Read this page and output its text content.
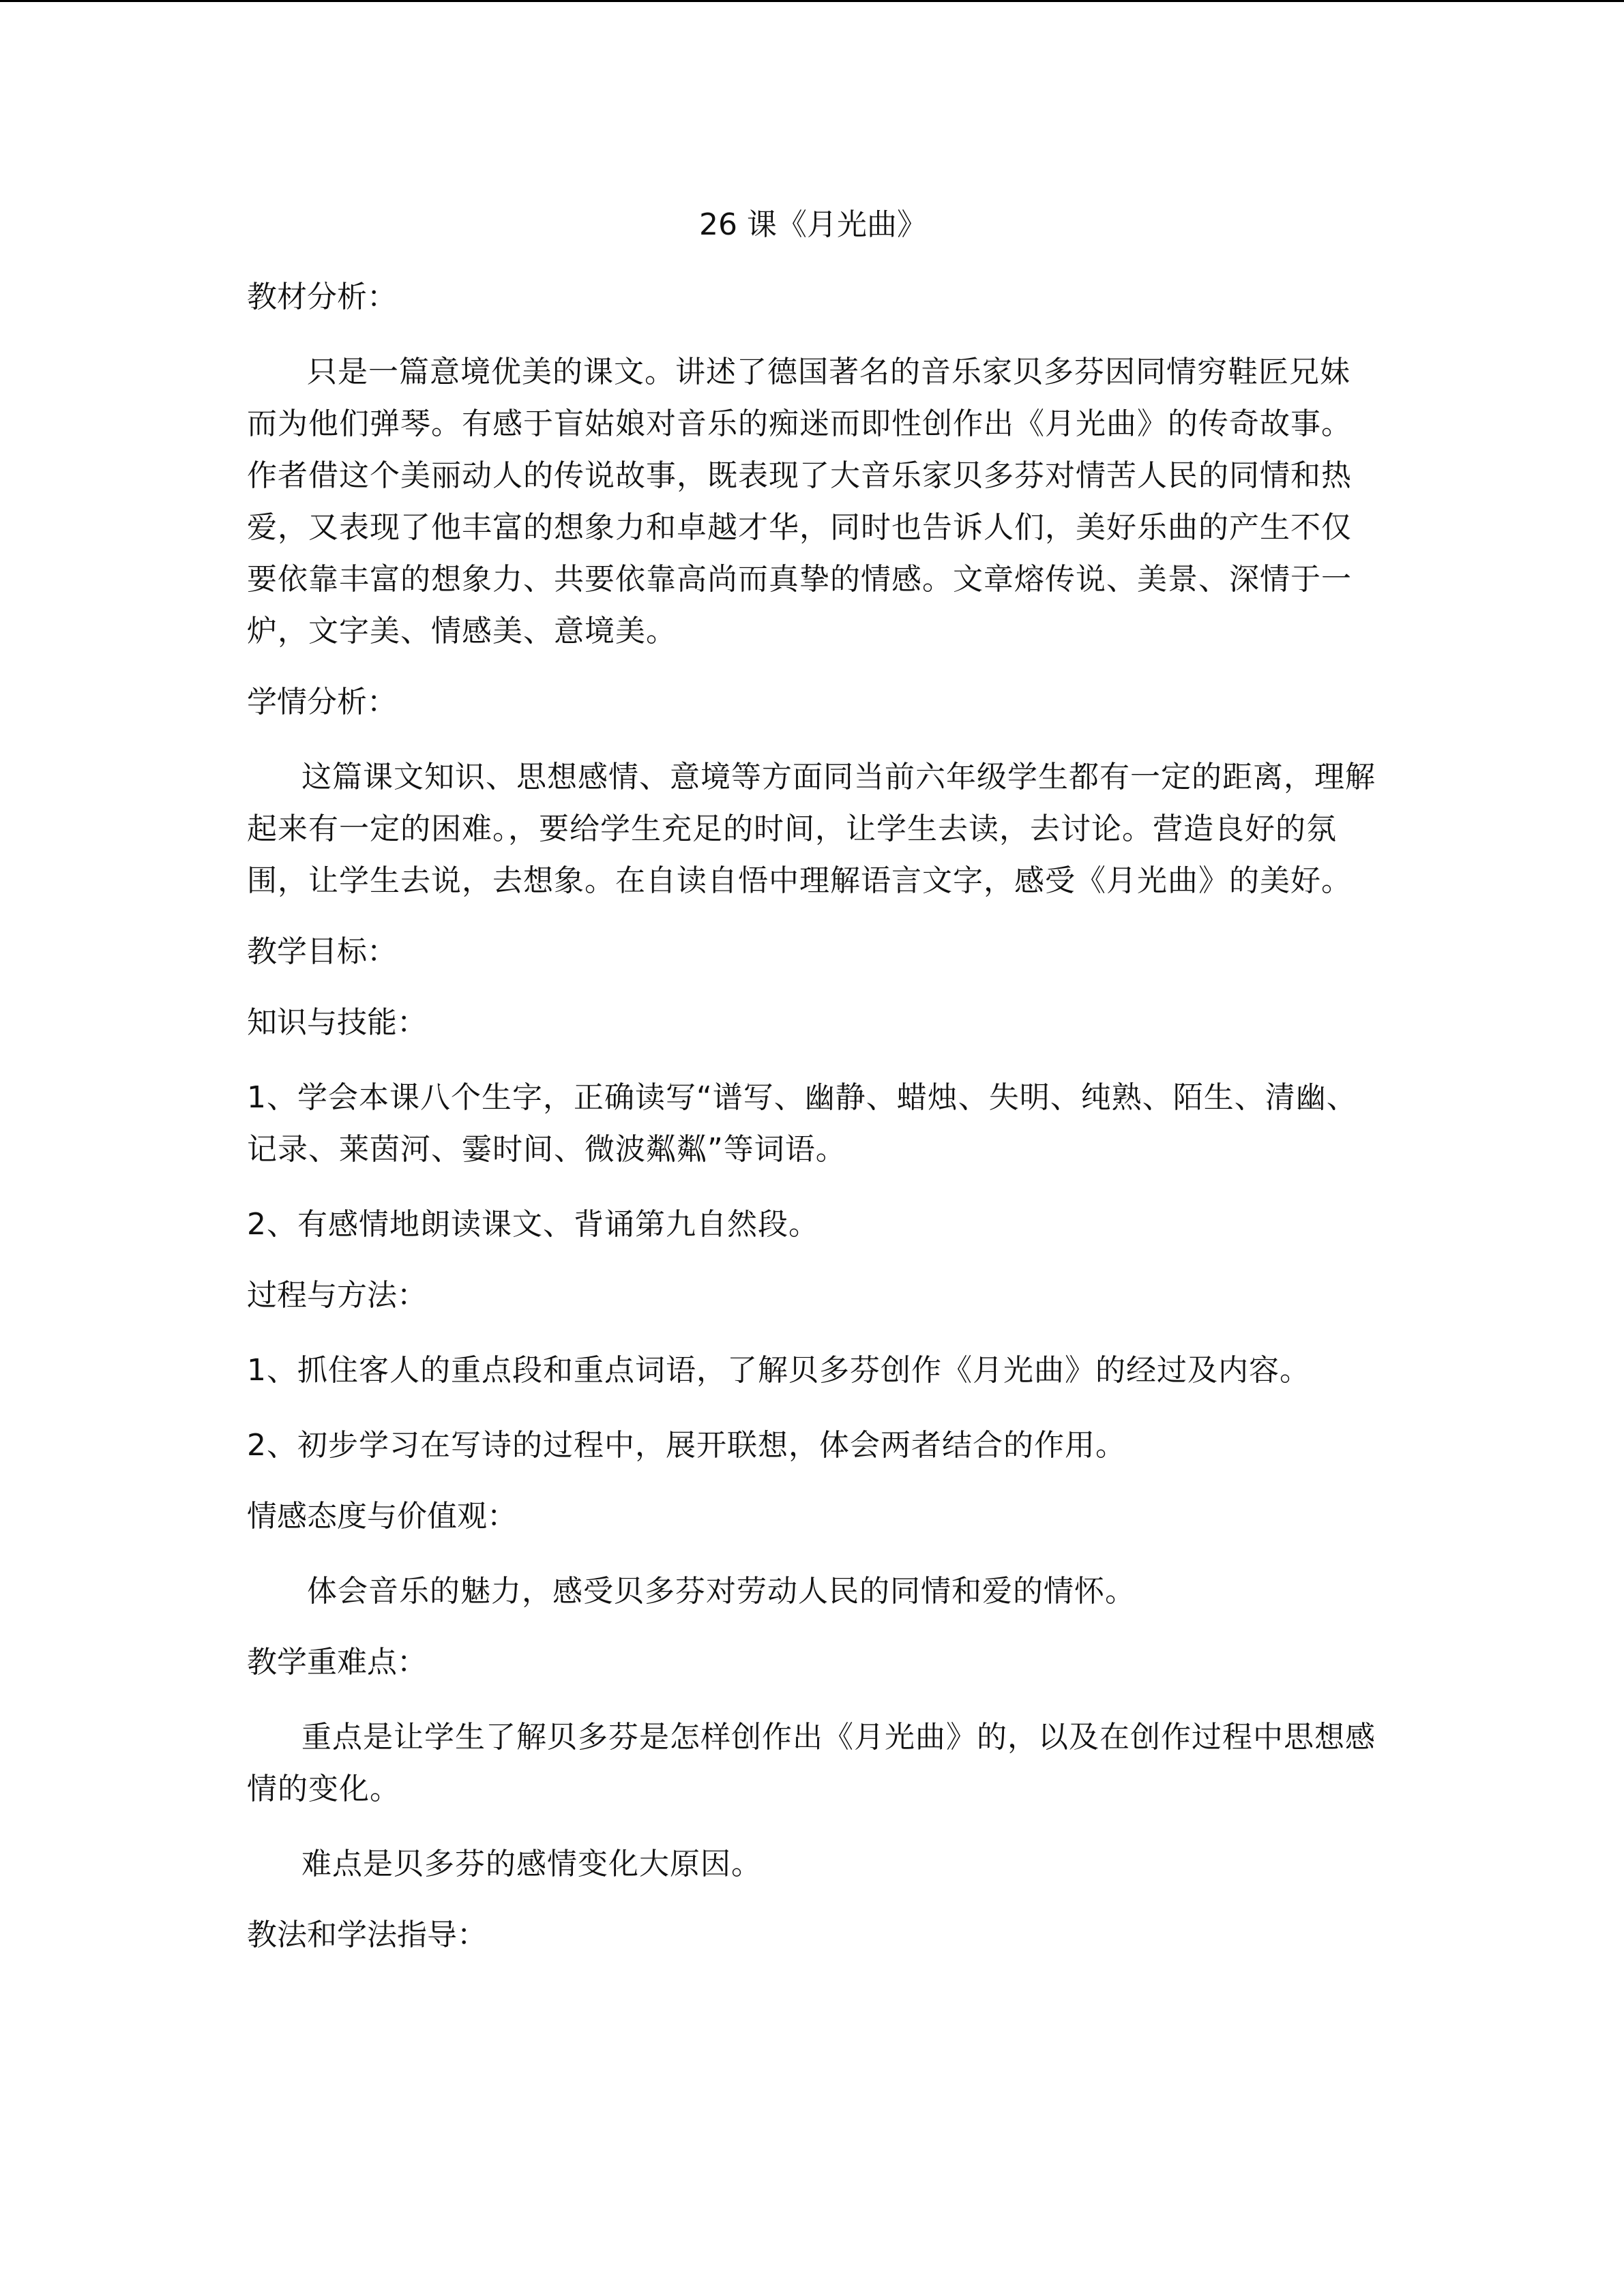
26 课《月光曲》
教材分析：

只是一篇意境优美的课文。讲述了德国著名的音乐家贝多芬因同情穷鞋匠兄妹而为他们弹琴。有感于盲姑娘对音乐的痴迷而即性创作出《月光曲》的传奇故事。作者借这个美丽动人的传说故事，既表现了大音乐家贝多芬对情苦人民的同情和热爱，又表现了他丰富的想象力和卓越才华，同时也告诉人们，美好乐曲的产生不仅要依靠丰富的想象力、共要依靠高尚而真挚的情感。文章熔传说、美景、深情于一炉，文字美、情感美、意境美。

学情分析：

这篇课文知识、思想感情、意境等方面同当前六年级学生都有一定的距离，理解起来有一定的困难。，要给学生充足的时间，让学生去读，去讨论。营造良好的氛围，让学生去说，去想象。在自读自悟中理解语言文字，感受《月光曲》的美好。

教学目标：
知识与技能：

1、学会本课八个生字，正确读写“谱写、幽静、蜡烛、失明、纯熟、陌生、清幽、记录、莱茵河、霎时间、微波粼粼”等词语。

2、有感情地朗读课文、背诵第九自然段。

过程与方法：

1、抓住客人的重点段和重点词语，了解贝多芬创作《月光曲》的经过及内容。

2、初步学习在写诗的过程中，展开联想，体会两者结合的作用。

情感态度与价值观：

体会音乐的魅力，感受贝多芬对劳动人民的同情和爱的情怀。

教学重难点：

重点是让学生了解贝多芬是怎样创作出《月光曲》的，以及在创作过程中思想感情的变化。

难点是贝多芬的感情变化大原因。

教法和学法指导：
